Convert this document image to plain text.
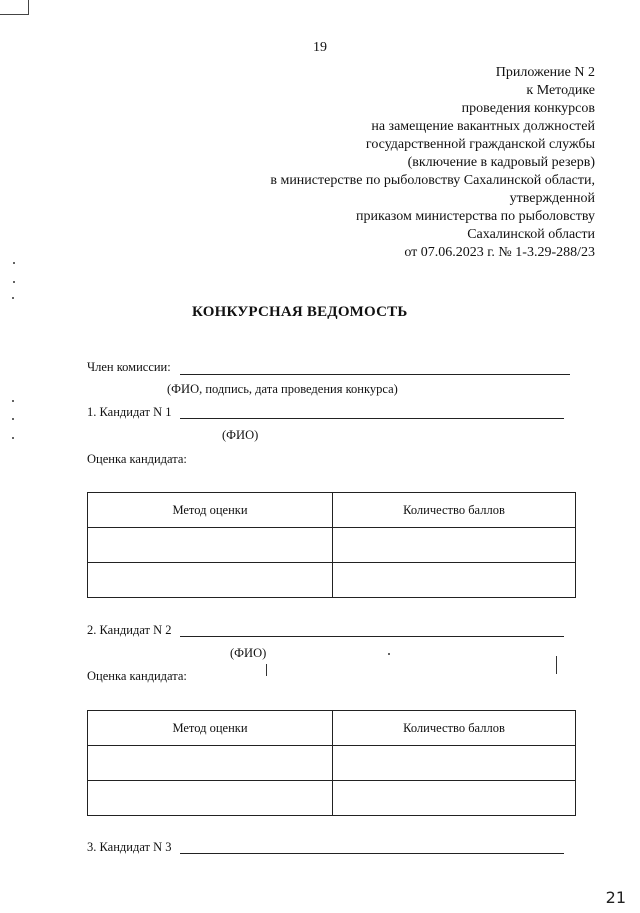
19
Приложение N 2
к Методике
проведения конкурсов
на замещение вакантных должностей
государственной гражданской службы
(включение в кадровый резерв)
в министерстве по рыболовству Сахалинской области,
утвержденной
приказом министерства по рыболовству
Сахалинской области
от 07.06.2023 г. № 1-3.29-288/23
КОНКУРСНАЯ ВЕДОМОСТЬ
Член комиссии:
(ФИО, подпись, дата проведения конкурса)
1. Кандидат N 1
(ФИО)
Оценка кандидата:
Метод оценки	Количество баллов

2. Кандидат N 2
(ФИО)
Оценка кандидата:
Метод оценки	Количество баллов

3. Кандидат N 3
21
